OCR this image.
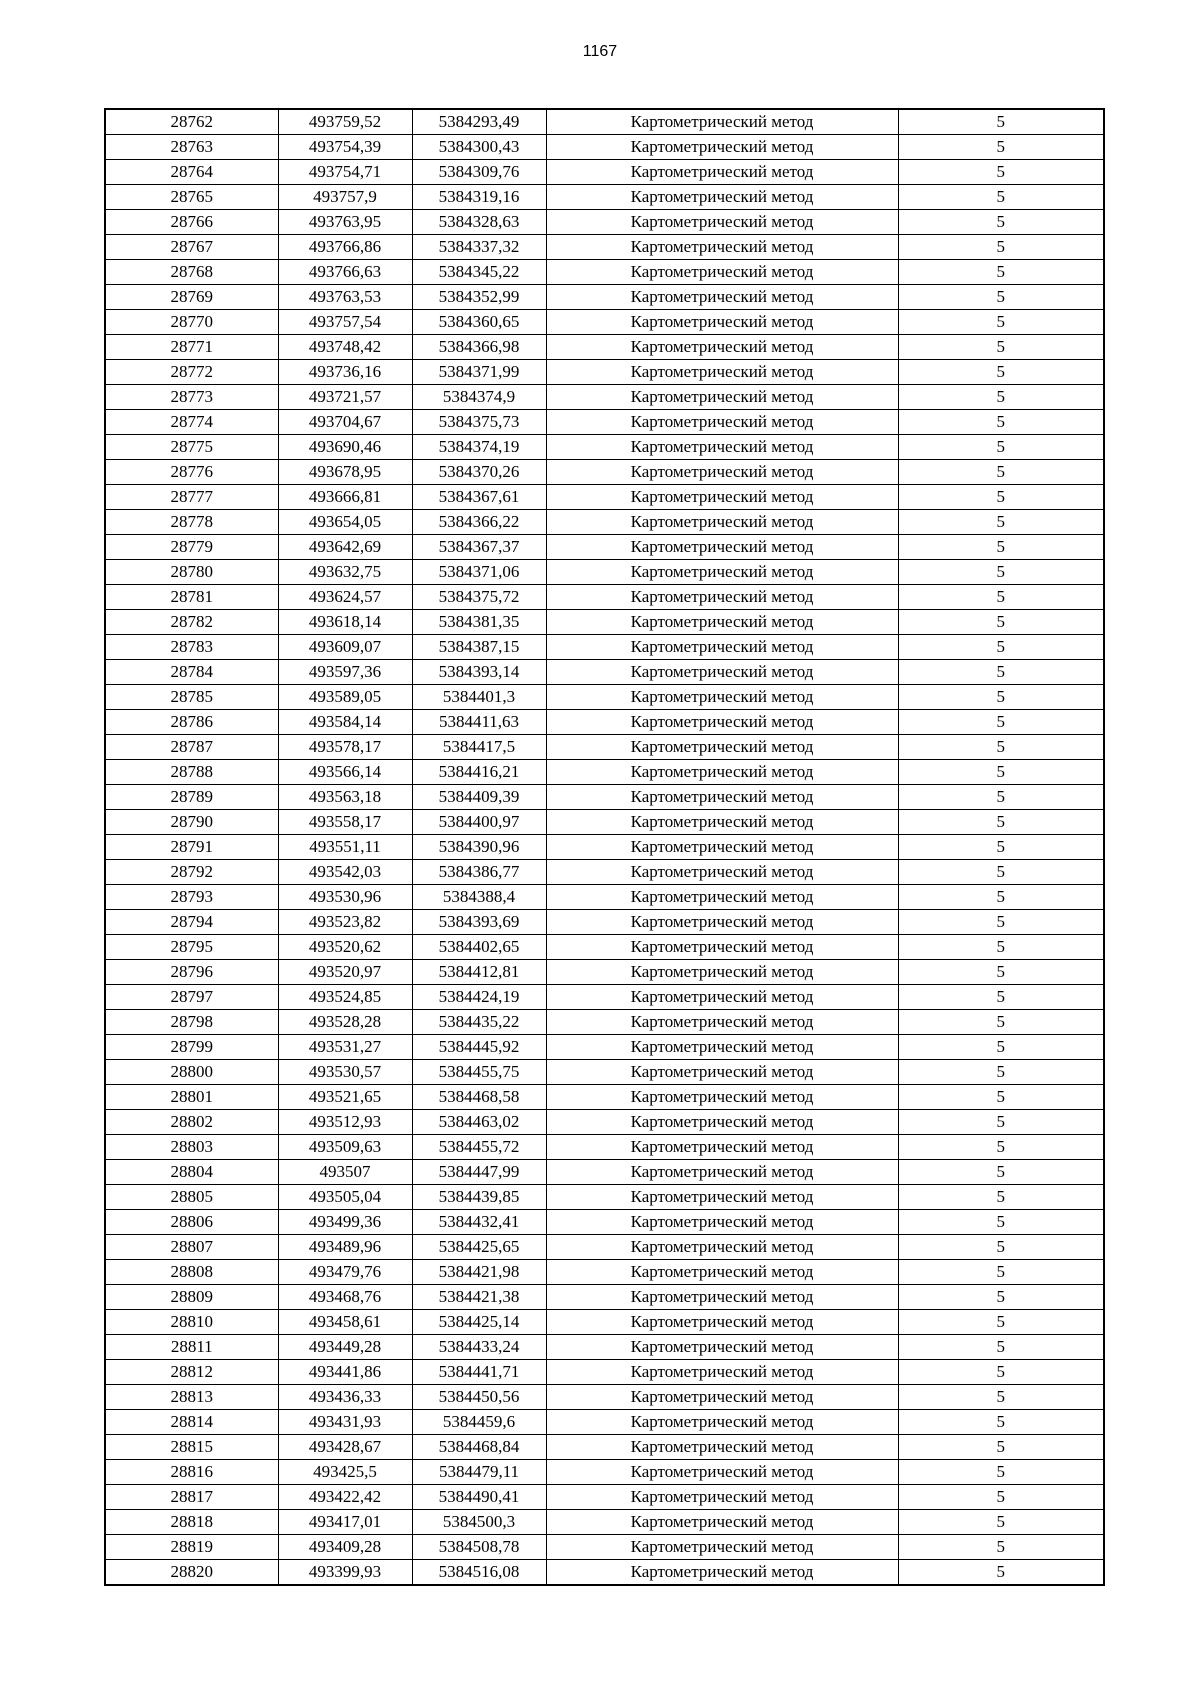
1167
28762	493759,52	5384293,49	Картометрический метод	5
28763	493754,39	5384300,43	Картометрический метод	5
28764	493754,71	5384309,76	Картометрический метод	5
28765	493757,9	5384319,16	Картометрический метод	5
28766	493763,95	5384328,63	Картометрический метод	5
28767	493766,86	5384337,32	Картометрический метод	5
28768	493766,63	5384345,22	Картометрический метод	5
28769	493763,53	5384352,99	Картометрический метод	5
28770	493757,54	5384360,65	Картометрический метод	5
28771	493748,42	5384366,98	Картометрический метод	5
28772	493736,16	5384371,99	Картометрический метод	5
28773	493721,57	5384374,9	Картометрический метод	5
28774	493704,67	5384375,73	Картометрический метод	5
28775	493690,46	5384374,19	Картометрический метод	5
28776	493678,95	5384370,26	Картометрический метод	5
28777	493666,81	5384367,61	Картометрический метод	5
28778	493654,05	5384366,22	Картометрический метод	5
28779	493642,69	5384367,37	Картометрический метод	5
28780	493632,75	5384371,06	Картометрический метод	5
28781	493624,57	5384375,72	Картометрический метод	5
28782	493618,14	5384381,35	Картометрический метод	5
28783	493609,07	5384387,15	Картометрический метод	5
28784	493597,36	5384393,14	Картометрический метод	5
28785	493589,05	5384401,3	Картометрический метод	5
28786	493584,14	5384411,63	Картометрический метод	5
28787	493578,17	5384417,5	Картометрический метод	5
28788	493566,14	5384416,21	Картометрический метод	5
28789	493563,18	5384409,39	Картометрический метод	5
28790	493558,17	5384400,97	Картометрический метод	5
28791	493551,11	5384390,96	Картометрический метод	5
28792	493542,03	5384386,77	Картометрический метод	5
28793	493530,96	5384388,4	Картометрический метод	5
28794	493523,82	5384393,69	Картометрический метод	5
28795	493520,62	5384402,65	Картометрический метод	5
28796	493520,97	5384412,81	Картометрический метод	5
28797	493524,85	5384424,19	Картометрический метод	5
28798	493528,28	5384435,22	Картометрический метод	5
28799	493531,27	5384445,92	Картометрический метод	5
28800	493530,57	5384455,75	Картометрический метод	5
28801	493521,65	5384468,58	Картометрический метод	5
28802	493512,93	5384463,02	Картометрический метод	5
28803	493509,63	5384455,72	Картометрический метод	5
28804	493507	5384447,99	Картометрический метод	5
28805	493505,04	5384439,85	Картометрический метод	5
28806	493499,36	5384432,41	Картометрический метод	5
28807	493489,96	5384425,65	Картометрический метод	5
28808	493479,76	5384421,98	Картометрический метод	5
28809	493468,76	5384421,38	Картометрический метод	5
28810	493458,61	5384425,14	Картометрический метод	5
28811	493449,28	5384433,24	Картометрический метод	5
28812	493441,86	5384441,71	Картометрический метод	5
28813	493436,33	5384450,56	Картометрический метод	5
28814	493431,93	5384459,6	Картометрический метод	5
28815	493428,67	5384468,84	Картометрический метод	5
28816	493425,5	5384479,11	Картометрический метод	5
28817	493422,42	5384490,41	Картометрический метод	5
28818	493417,01	5384500,3	Картометрический метод	5
28819	493409,28	5384508,78	Картометрический метод	5
28820	493399,93	5384516,08	Картометрический метод	5
